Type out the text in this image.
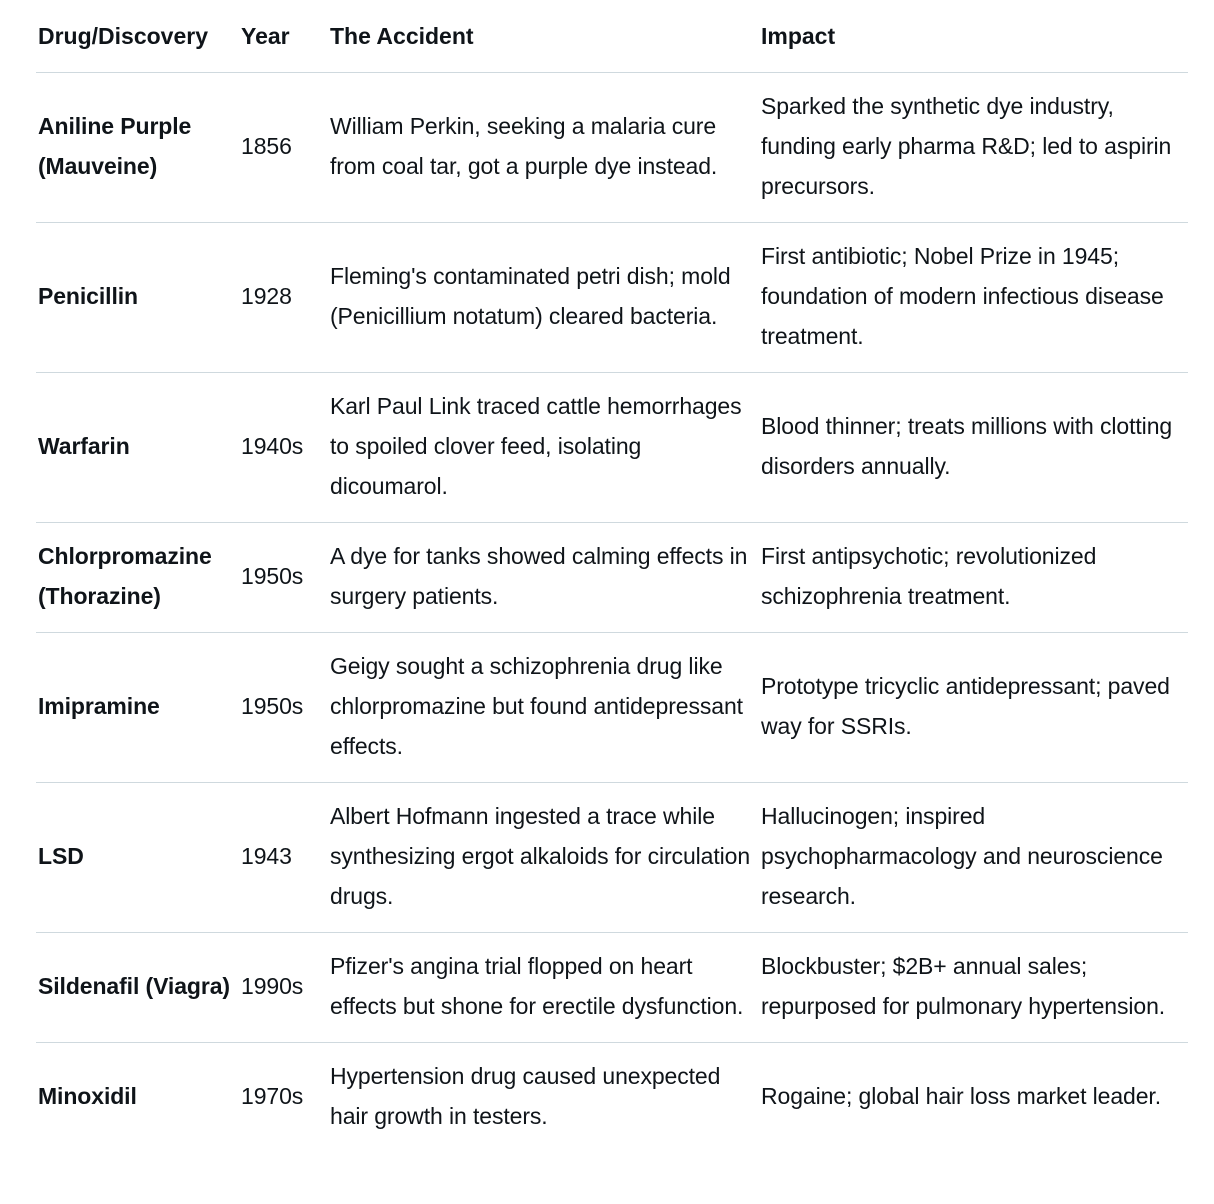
Drug/Discovery	Year	The Accident	Impact
Aniline Purple (Mauveine)	1856	William Perkin, seeking a malaria cure from coal tar, got a purple dye instead.	Sparked the synthetic dye industry, funding early pharma R&D; led to aspirin precursors.
Penicillin	1928	Fleming's contaminated petri dish; mold (Penicillium notatum) cleared bacteria.	First antibiotic; Nobel Prize in 1945; foundation of modern infectious disease treatment.
Warfarin	1940s	Karl Paul Link traced cattle hemorrhages to spoiled clover feed, isolating dicoumarol.	Blood thinner; treats millions with clotting disorders annually.
Chlorpromazine (Thorazine)	1950s	A dye for tanks showed calming effects in surgery patients.	First antipsychotic; revolutionized schizophrenia treatment.
Imipramine	1950s	Geigy sought a schizophrenia drug like chlorpromazine but found antidepressant effects.	Prototype tricyclic antidepressant; paved way for SSRIs.
LSD	1943	Albert Hofmann ingested a trace while synthesizing ergot alkaloids for circulation drugs.	Hallucinogen; inspired psychopharmacology and neuroscience research.
Sildenafil (Viagra)	1990s	Pfizer's angina trial flopped on heart effects but shone for erectile dysfunction.	Blockbuster; $2B+ annual sales; repurposed for pulmonary hypertension.
Minoxidil	1970s	Hypertension drug caused unexpected hair growth in testers.	Rogaine; global hair loss market leader.
